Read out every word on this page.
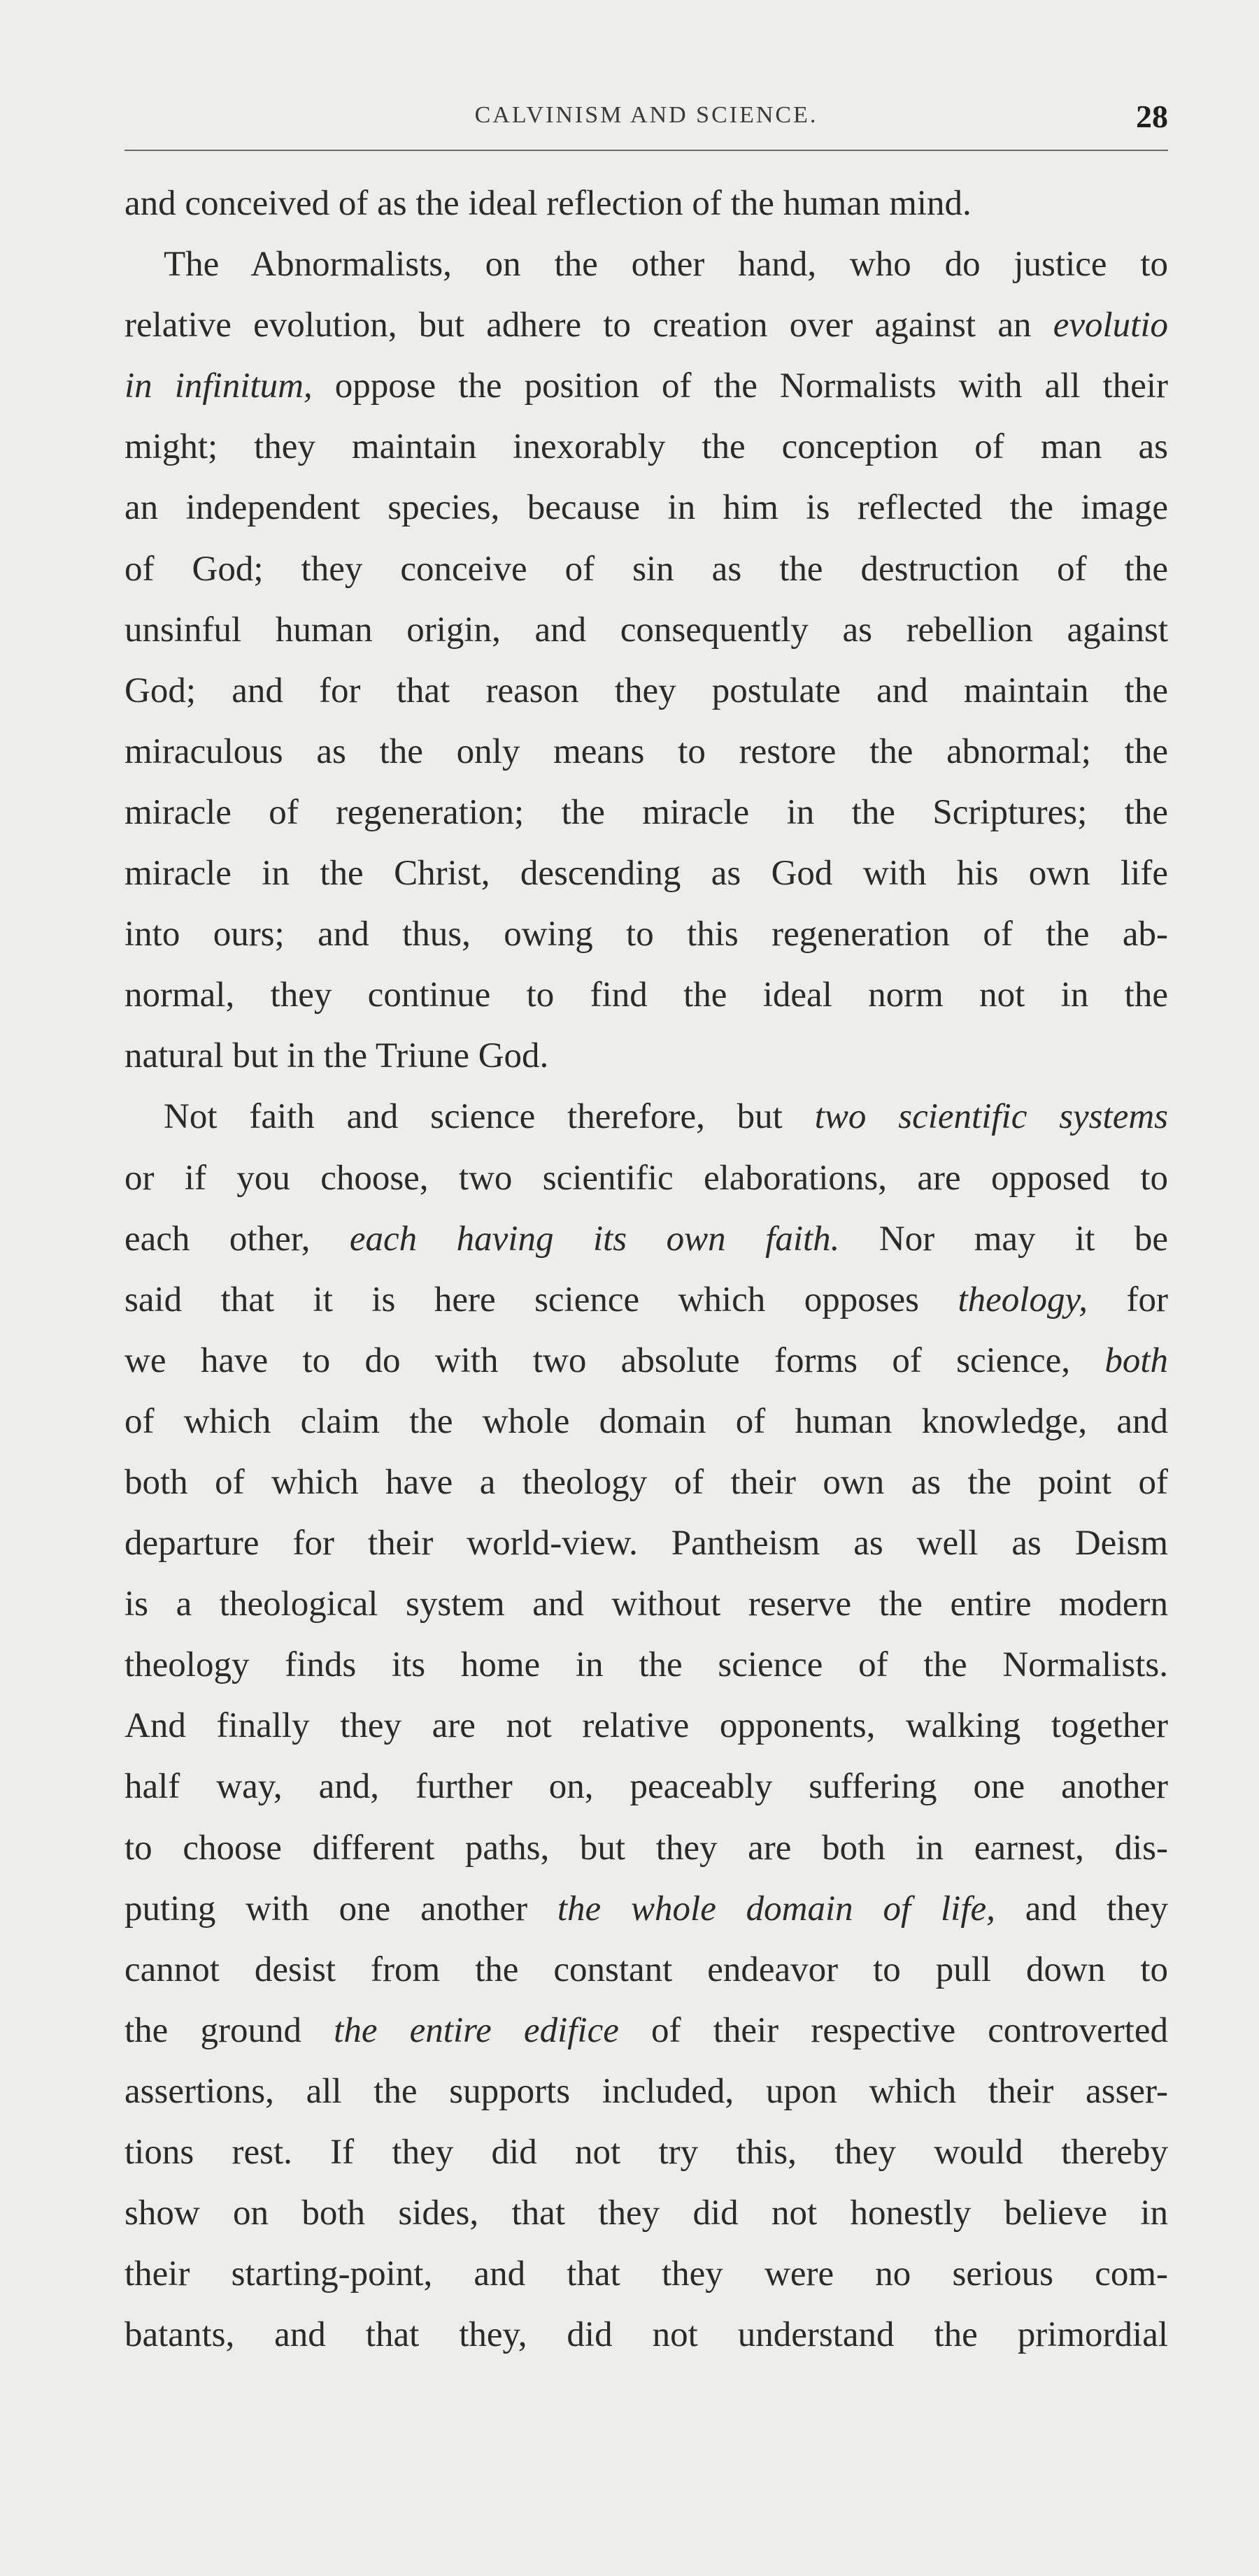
CALVINISM AND SCIENCE.	28
and conceived of as the ideal reflection of the human mind.
The Abnormalists, on the other hand, who do justice to
relative evolution, but adhere to creation over against an evolutio
in infinitum, oppose the position of the Normalists with all their
might; they maintain inexorably the conception of man as
an independent species, because in him is reflected the image
of God; they conceive of sin as the destruction of the
unsinful human origin, and consequently as rebellion against
God; and for that reason they postulate and maintain the
miraculous as the only means to restore the abnormal; the
miracle of regeneration; the miracle in the Scriptures; the
miracle in the Christ, descending as God with his own life
into ours; and thus, owing to this regeneration of the ab-
normal, they continue to find the ideal norm not in the
natural but in the Triune God.
Not faith and science therefore, but two scientific systems
or if you choose, two scientific elaborations, are opposed to
each other, each having its own faith. Nor may it be
said that it is here science which opposes theology, for
we have to do with two absolute forms of science, both
of which claim the whole domain of human knowledge, and
both of which have a theology of their own as the point of
departure for their world-view. Pantheism as well as Deism
is a theological system and without reserve the entire modern
theology finds its home in the science of the Normalists.
And finally they are not relative opponents, walking together
half way, and, further on, peaceably suffering one another
to choose different paths, but they are both in earnest, dis-
puting with one another the whole domain of life, and they
cannot desist from the constant endeavor to pull down to
the ground the entire edifice of their respective controverted
assertions, all the supports included, upon which their asser-
tions rest. If they did not try this, they would thereby
show on both sides, that they did not honestly believe in
their starting-point, and that they were no serious com-
batants, and that they, did not understand the primordial
